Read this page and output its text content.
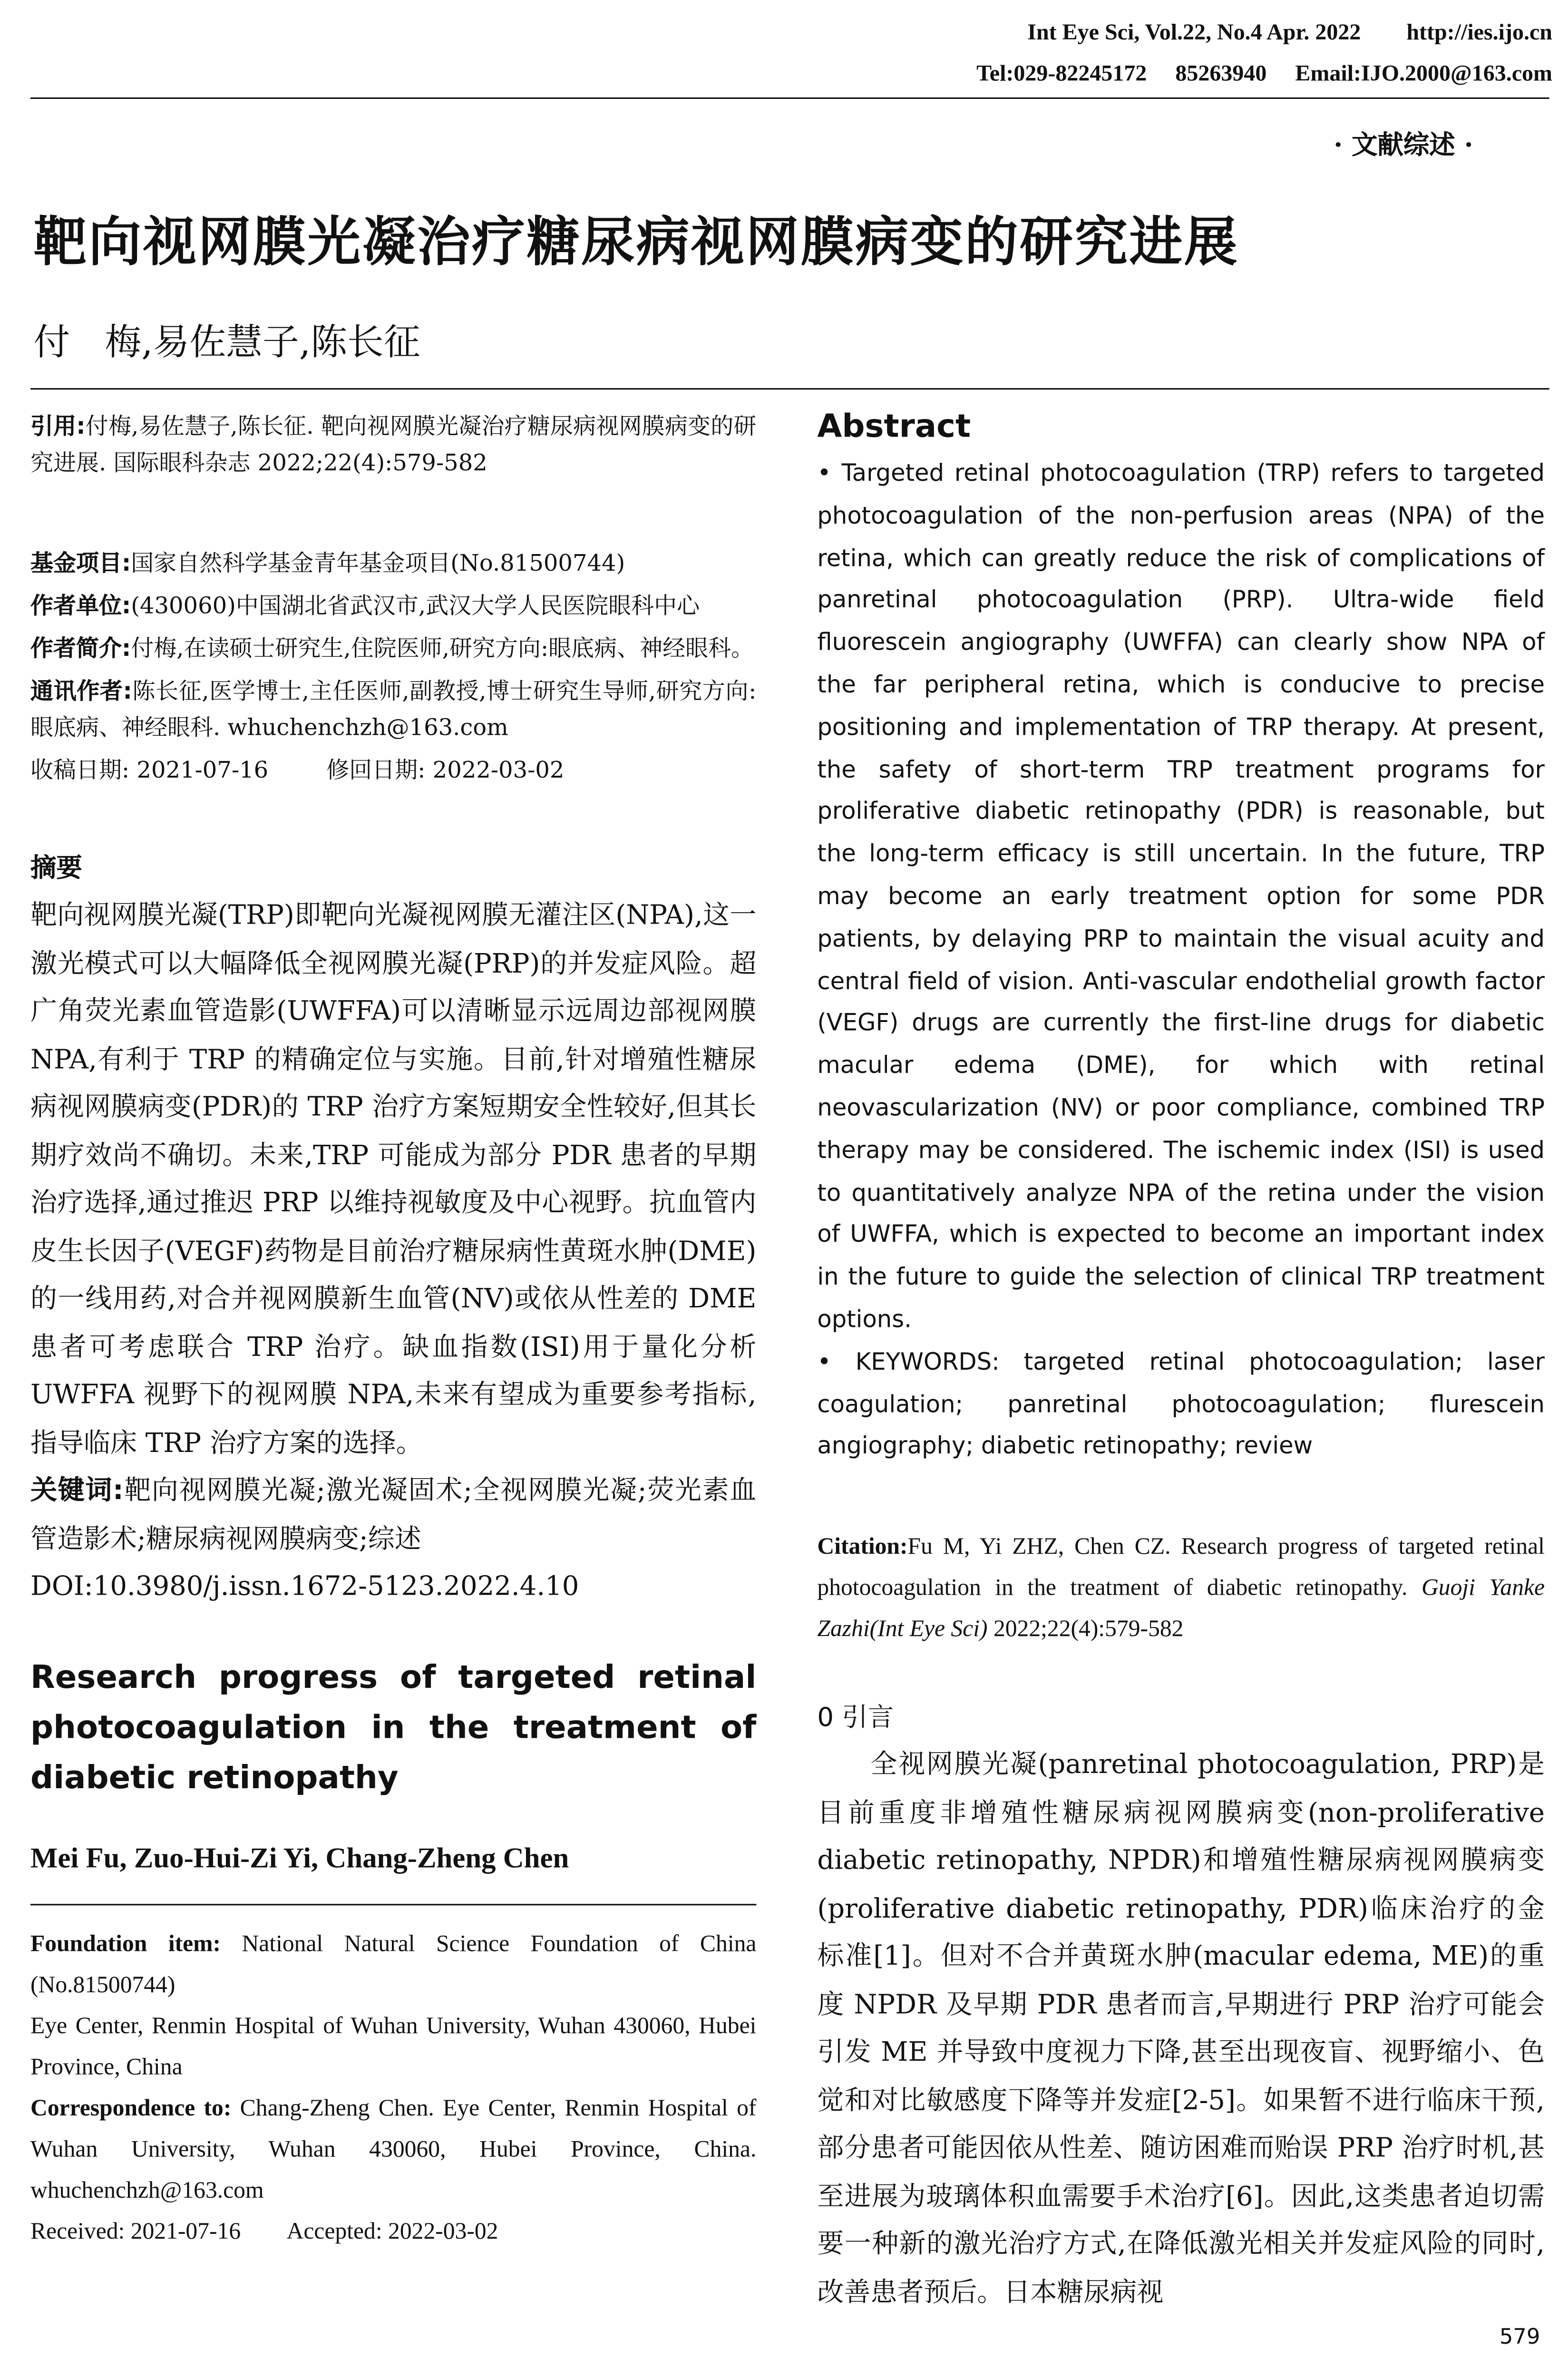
Int Eye Sci, Vol.22, No.4 Apr. 2022        http://ies.ijo.cn
Tel:029-82245172     85263940     Email:IJO.2000@163.com
· 文献综述 ·
靶向视网膜光凝治疗糖尿病视网膜病变的研究进展
付   梅,易佐慧子,陈长征

引用:付梅,易佐慧子,陈长征. 靶向视网膜光凝治疗糖尿病视网膜病变的研究进展. 国际眼科杂志 2022;22(4):579-582

基金项目:国家自然科学基金青年基金项目(No.81500744)

作者单位:(430060)中国湖北省武汉市,武汉大学人民医院眼科中心

作者简介:付梅,在读硕士研究生,住院医师,研究方向:眼底病、神经眼科。

通讯作者:陈长征,医学博士,主任医师,副教授,博士研究生导师,研究方向:眼底病、神经眼科. whuchenchzh@163.com

收稿日期: 2021-07-16        修回日期: 2022-03-02

摘要

靶向视网膜光凝(TRP)即靶向光凝视网膜无灌注区(NPA),这一激光模式可以大幅降低全视网膜光凝(PRP)的并发症风险。超广角荧光素血管造影(UWFFA)可以清晰显示远周边部视网膜 NPA,有利于 TRP 的精确定位与实施。目前,针对增殖性糖尿病视网膜病变(PDR)的 TRP 治疗方案短期安全性较好,但其长期疗效尚不确切。未来,TRP 可能成为部分 PDR 患者的早期治疗选择,通过推迟 PRP 以维持视敏度及中心视野。抗血管内皮生长因子(VEGF)药物是目前治疗糖尿病性黄斑水肿(DME)的一线用药,对合并视网膜新生血管(NV)或依从性差的 DME 患者可考虑联合 TRP 治疗。缺血指数(ISI)用于量化分析 UWFFA 视野下的视网膜 NPA,未来有望成为重要参考指标,指导临床 TRP 治疗方案的选择。

关键词:靶向视网膜光凝;激光凝固术;全视网膜光凝;荧光素血管造影术;糖尿病视网膜病变;综述

DOI:10.3980/j.issn.1672-5123.2022.4.10

Research progress of targeted retinal photocoagulation in the treatment of diabetic retinopathy

Mei Fu, Zuo-Hui-Zi Yi, Chang-Zheng Chen

Foundation item: National Natural Science Foundation of China (No.81500744)

Eye Center, Renmin Hospital of Wuhan University, Wuhan 430060, Hubei Province, China

Correspondence to: Chang-Zheng Chen. Eye Center, Renmin Hospital of Wuhan University, Wuhan 430060, Hubei Province, China. whuchenchzh@163.com

Received: 2021-07-16        Accepted: 2022-03-02

Abstract

• Targeted retinal photocoagulation (TRP) refers to targeted photocoagulation of the non-perfusion areas (NPA) of the retina, which can greatly reduce the risk of complications of panretinal photocoagulation (PRP). Ultra-wide field fluorescein angiography (UWFFA) can clearly show NPA of the far peripheral retina, which is conducive to precise positioning and implementation of TRP therapy. At present, the safety of short-term TRP treatment programs for proliferative diabetic retinopathy (PDR) is reasonable, but the long-term efficacy is still uncertain. In the future, TRP may become an early treatment option for some PDR patients, by delaying PRP to maintain the visual acuity and central field of vision. Anti-vascular endothelial growth factor (VEGF) drugs are currently the first-line drugs for diabetic macular edema (DME), for which with retinal neovascularization (NV) or poor compliance, combined TRP therapy may be considered. The ischemic index (ISI) is used to quantitatively analyze NPA of the retina under the vision of UWFFA, which is expected to become an important index in the future to guide the selection of clinical TRP treatment options.

•	KEYWORDS: targeted retinal photocoagulation; laser coagulation; panretinal photocoagulation; flurescein angiography; diabetic retinopathy; review

Citation:Fu M, Yi ZHZ, Chen CZ. Research progress of targeted retinal photocoagulation in the treatment of diabetic retinopathy. Guoji Yanke Zazhi(Int Eye Sci) 2022;22(4):579-582

0 引言

全视网膜光凝(panretinal photocoagulation, PRP)是目前重度非增殖性糖尿病视网膜病变(non-proliferative diabetic retinopathy, NPDR)和增殖性糖尿病视网膜病变(proliferative diabetic retinopathy, PDR)临床治疗的金标准[1]。但对不合并黄斑水肿(macular edema, ME)的重度 NPDR 及早期 PDR 患者而言,早期进行 PRP 治疗可能会引发 ME 并导致中度视力下降,甚至出现夜盲、视野缩小、色觉和对比敏感度下降等并发症[2-5]。如果暂不进行临床干预,部分患者可能因依从性差、随访困难而贻误 PRP 治疗时机,甚至进展为玻璃体积血需要手术治疗[6]。因此,这类患者迫切需要一种新的激光治疗方式,在降低激光相关并发症风险的同时,改善患者预后。日本糖尿病视

579
